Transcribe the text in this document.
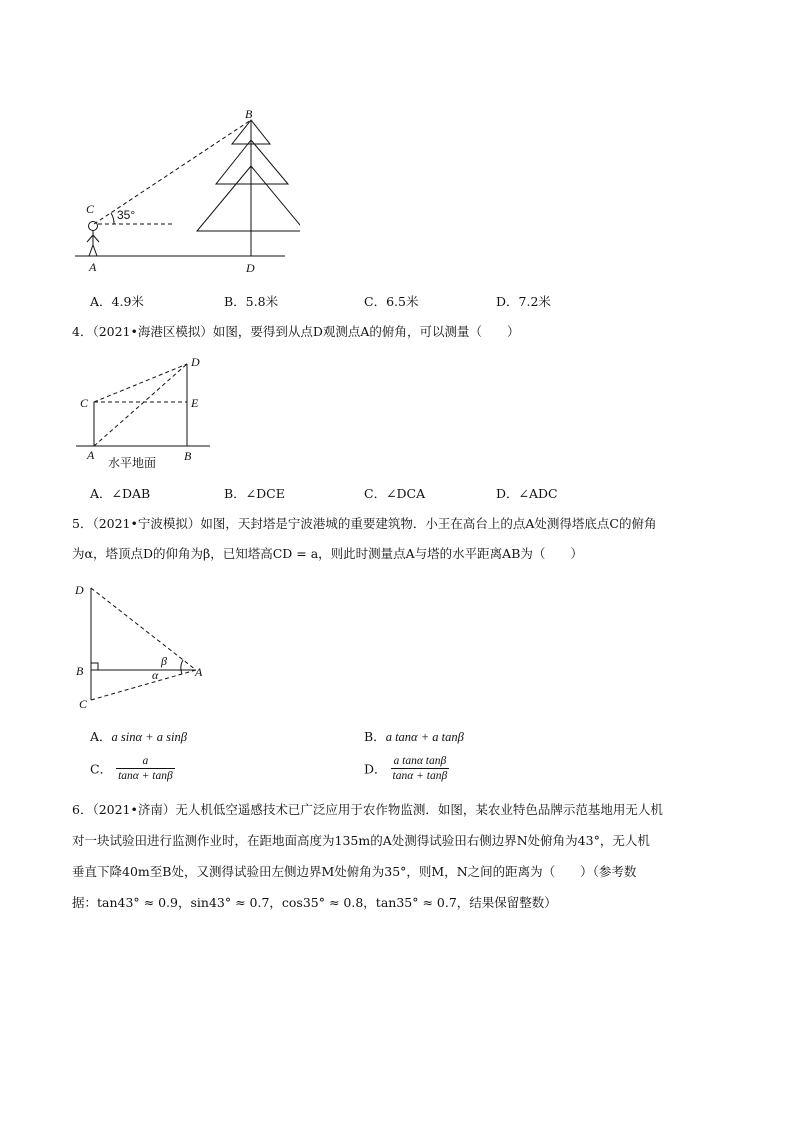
B
C
A	D
35°
A．4.9米	B．5.8米	C．6.5米	D．7.2米
4．（2021•海港区模拟）如图，要得到从点D观测点A的俯角，可以测量（　　）
D
C	E
A	B
水平地面
A．∠DAB	B．∠DCE	C．∠DCA	D．∠ADC
5．（2021•宁波模拟）如图，天封塔是宁波港城的重要建筑物．小王在高台上的点A处测得塔底点C的俯角
为α，塔顶点D的仰角为β，已知塔高CD = a，则此时测量点A与塔的水平距离AB为（　　）
D
B
C
A
β
α
A．a sinα + a sinβ	B．a tanα + a tanβ
C． $\frac{a}{\tan\alpha + \tan\beta}$	D． $\frac{\text{a tanα tanβ}}{\tan\alpha + \tan\beta}$
6．（2021•济南）无人机低空遥感技术已广泛应用于农作物监测．如图，某农业特色品牌示范基地用无人机
对一块试验田进行监测作业时，在距地面高度为135m的A处测得试验田右侧边界N处俯角为43°，无人机
垂直下降40m至B处，又测得试验田左侧边界M处俯角为35°，则M，N之间的距离为（　　）（参考数
据：tan43° ≈ 0.9，sin43° ≈ 0.7，cos35° ≈ 0.8，tan35° ≈ 0.7，结果保留整数）
